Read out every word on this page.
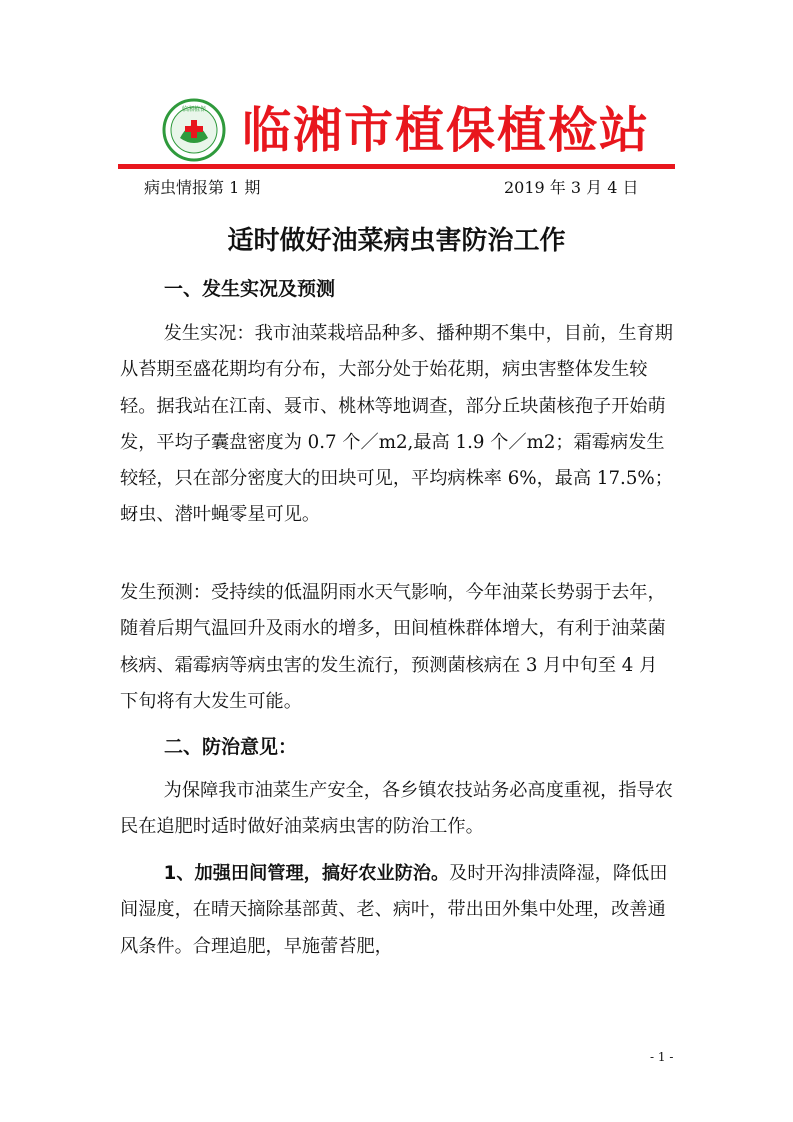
临湘植保 临湘市植保植检站
病虫情报第 1 期	2019 年 3 月 4 日
适时做好油菜病虫害防治工作
一、发生实况及预测

发生实况：我市油菜栽培品种多、播种期不集中，目前，生育期从苔期至盛花期均有分布，大部分处于始花期，病虫害整体发生较轻。据我站在江南、聂市、桃林等地调查，部分丘块菌核孢子开始萌发，平均子囊盘密度为 0.7 个／m2,最高 1.9 个／m2；霜霉病发生较轻，只在部分密度大的田块可见，平均病株率 6%，最高 17.5%；蚜虫、潜叶蝇零星可见。

发生预测：受持续的低温阴雨水天气影响，今年油菜长势弱于去年，随着后期气温回升及雨水的增多，田间植株群体增大，有利于油菜菌核病、霜霉病等病虫害的发生流行，预测菌核病在 3 月中旬至 4 月下旬将有大发生可能。

二、防治意见：

为保障我市油菜生产安全，各乡镇农技站务必高度重视，指导农民在追肥时适时做好油菜病虫害的防治工作。

1、加强田间管理，搞好农业防治。及时开沟排渍降湿，降低田间湿度，在晴天摘除基部黄、老、病叶，带出田外集中处理，改善通风条件。合理追肥，早施蕾苔肥，

- 1 -
